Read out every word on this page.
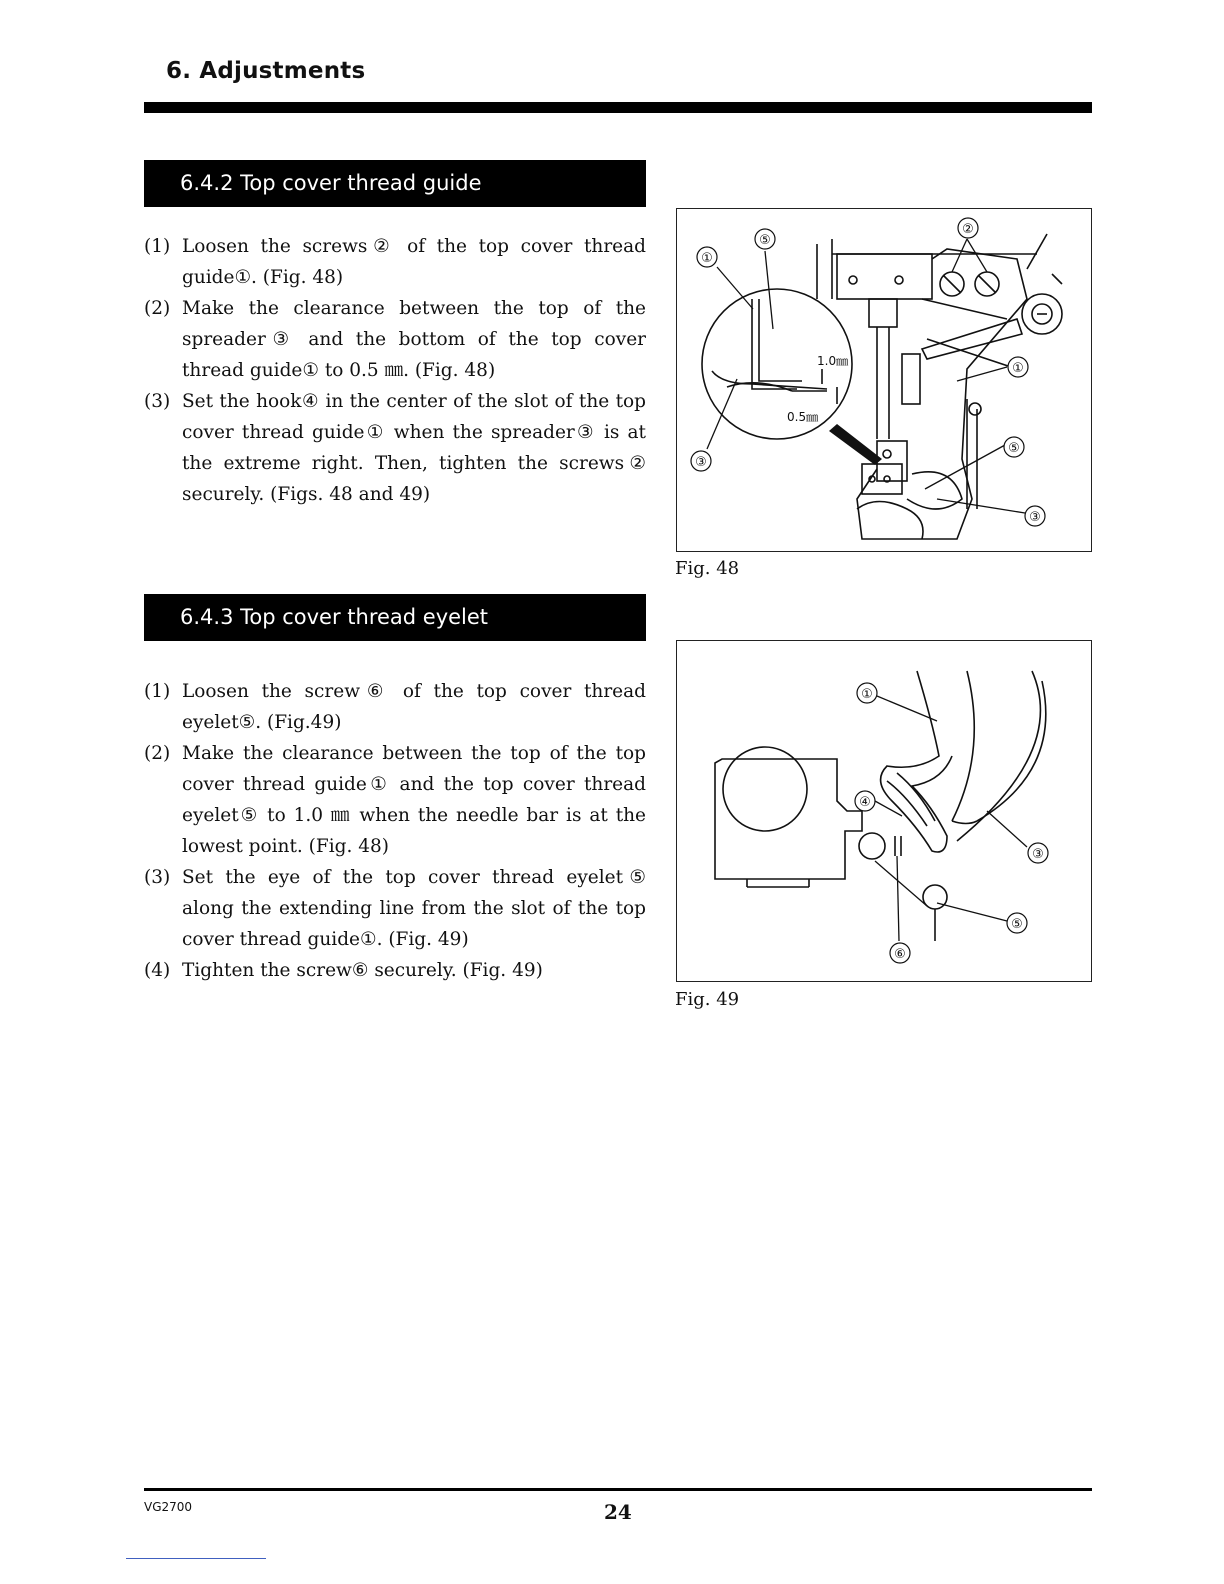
6. Adjustments
6.4.2 Top cover thread guide
(1) Loosen the screws② of the top cover thread guide①. (Fig. 48)
(2) Make the clearance between the top of the spreader③ and the bottom of the top cover thread guide① to 0.5 ㎜. (Fig. 48)
(3) Set the hook④ in the center of the slot of the top cover thread guide① when the spreader③ is at the extreme right. Then, tighten the screws② securely. (Figs. 48 and 49)
6.4.3 Top cover thread eyelet
(1) Loosen the screw⑥ of the top cover thread eyelet⑤. (Fig.49)
(2) Make the clearance between the top of the top cover thread guide① and the top cover thread eyelet⑤ to 1.0 ㎜ when the needle bar is at the lowest point. (Fig. 48)
(3) Set the eye of the top cover thread eyelet⑤ along the extending line from the slot of the top cover thread guide①. (Fig. 49)
(4) Tighten the screw⑥ securely. (Fig. 49)
①
⑤
②
①
⑤
③
③
1.0㎜
0.5㎜
Fig. 48
①
④
③
⑤
⑥
Fig. 49
VG2700	24
